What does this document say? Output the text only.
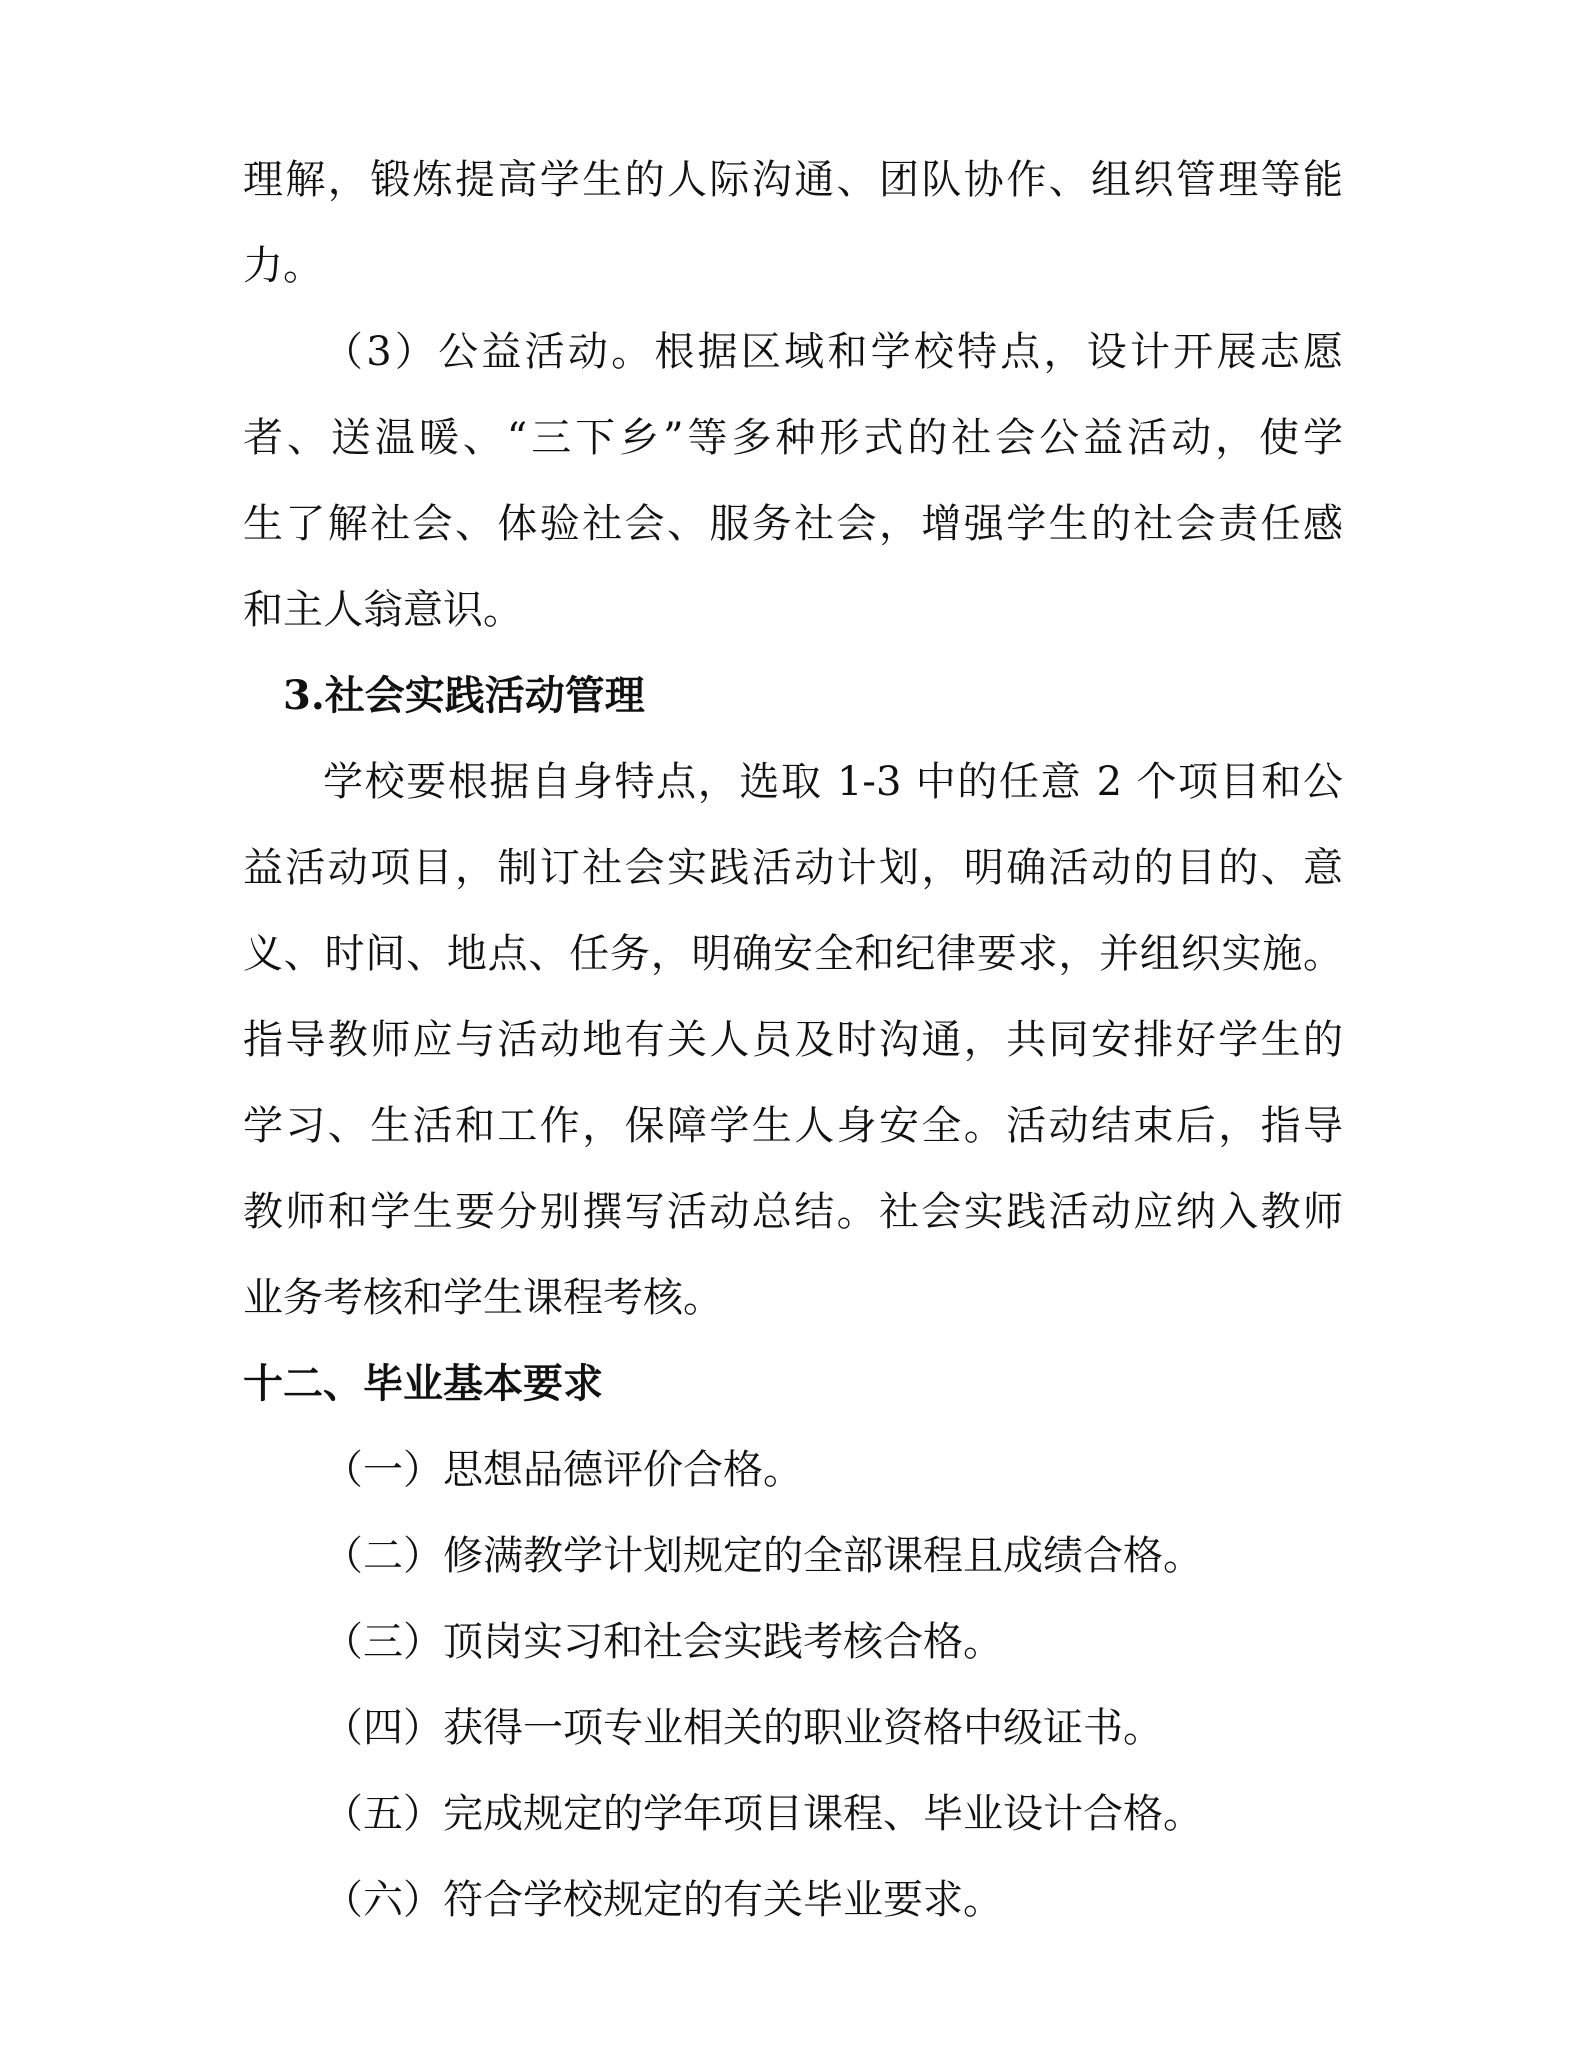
理解，锻炼提高学生的人际沟通、团队协作、组织管理等能
力。
（3）公益活动。根据区域和学校特点，设计开展志愿
者、送温暖、“三下乡”等多种形式的社会公益活动，使学
生了解社会、体验社会、服务社会，增强学生的社会责任感
和主人翁意识。
3.社会实践活动管理
学校要根据自身特点，选取 1-3 中的任意 2 个项目和公
益活动项目，制订社会实践活动计划，明确活动的目的、意
义、时间、地点、任务，明确安全和纪律要求，并组织实施。
指导教师应与活动地有关人员及时沟通，共同安排好学生的
学习、生活和工作，保障学生人身安全。活动结束后，指导
教师和学生要分别撰写活动总结。社会实践活动应纳入教师
业务考核和学生课程考核。
十二、毕业基本要求
（一）思想品德评价合格。
（二）修满教学计划规定的全部课程且成绩合格。
（三）顶岗实习和社会实践考核合格。
（四）获得一项专业相关的职业资格中级证书。
（五）完成规定的学年项目课程、毕业设计合格。
（六）符合学校规定的有关毕业要求。
